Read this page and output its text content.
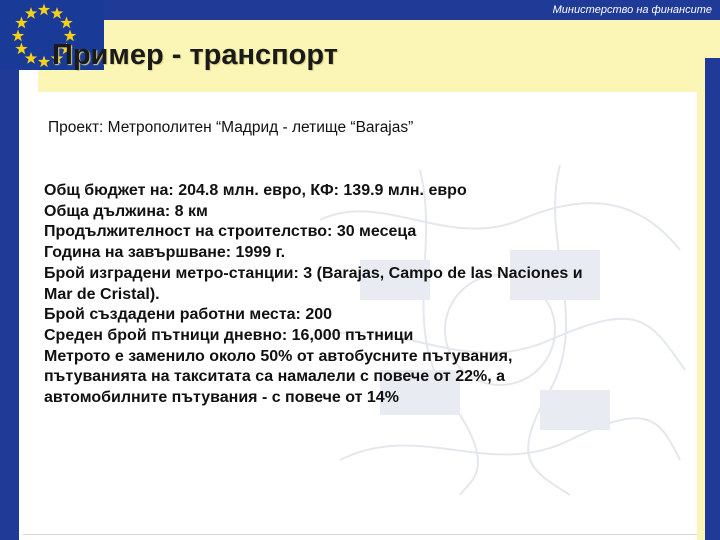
Министерство на финансите
Пример - транспорт

Проект: Метрополитен “Мадрид - летище “Barajas”

Общ бюджет на: 204.8 млн. евро, КФ: 139.9 млн. евро
Обща дължина: 8 км
Продължителност на строителство: 30 месеца
Година на завършване: 1999 г.
Брой изградени метро-станции: 3 (Barajas, Campo de las Naciones и
Mar de Cristal).
Брой създадени работни места: 200
Среден брой пътници дневно: 16,000 пътници
Метрото е заменило около 50% от автобусните пътувания,
пътуванията на такситата са намалели с повече от 22%, а
автомобилните пътувания - с повече от 14%
